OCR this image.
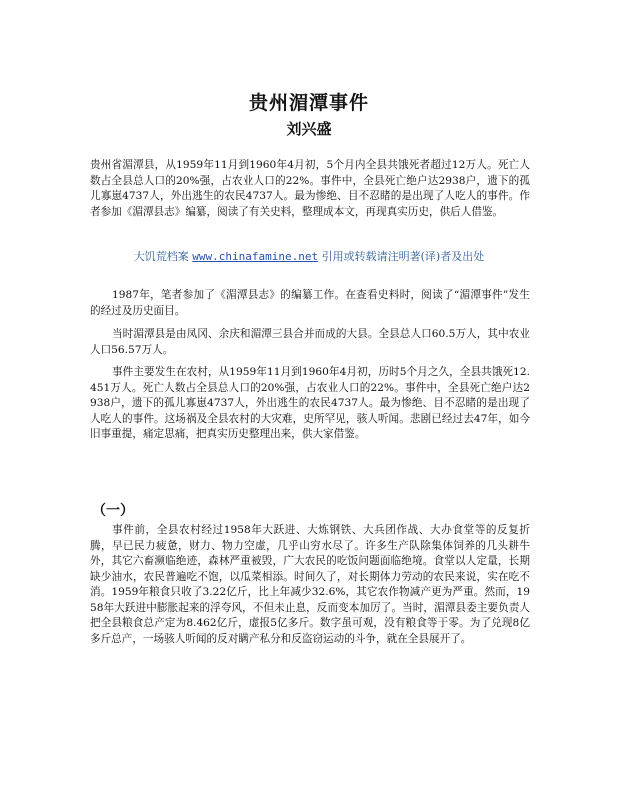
贵州湄潭事件
刘兴盛
贵州省湄潭县，从1959年11月到1960年4月初，5个月内全县共饿死者超过12万人。死亡人数占全县总人口的20%强，占农业人口的22%。事件中，全县死亡绝户达2938户，遗下的孤儿寡崽4737人，外出逃生的农民4737人。最为惨绝、目不忍睹的是出现了人吃人的事件。作者参加《湄潭县志》编纂，阅读了有关史料，整理成本文，再现真实历史，供后人借鉴。
大饥荒档案 www.chinafamine.net 引用或转载请注明著(译)者及出处
1987年，笔者参加了《湄潭县志》的编纂工作。在查看史料时，阅读了“湄潭事件”发生的经过及历史面目。
当时湄潭县是由凤冈、余庆和湄潭三县合并而成的大县。全县总人口60.5万人，其中农业人口56.57万人。
事件主要发生在农村，从1959年11月到1960年4月初，历时5个月之久，全县共饿死12.451万人。死亡人数占全县总人口的20%强，占农业人口的22%。事件中，全县死亡绝户达2938户，遗下的孤儿寡崽4737人，外出逃生的农民4737人。最为惨绝、目不忍睹的是出现了人吃人的事件。这场祸及全县农村的大灾难，史所罕见，骇人听闻。悲剧已经过去47年，如今旧事重提，痛定思痛，把真实历史整理出来，供大家借鉴。
（一）
事件前，全县农村经过1958年大跃进、大炼钢铁、大兵团作战、大办食堂等的反复折腾，早已民力疲惫，财力、物力空虚，几乎山穷水尽了。许多生产队除集体饲养的几头耕牛外，其它六畜濒临绝迹，森林严重被毁，广大农民的吃饭问题面临绝境。食堂以人定量，长期缺少油水，农民普遍吃不饱，以瓜菜相添。时间久了，对长期体力劳动的农民来说，实在吃不消。1959年粮食只收了3.22亿斤，比上年减少32.6%，其它农作物减产更为严重。然而，1958年大跃进中膨胀起来的浮夸风，不但未止息，反而变本加厉了。当时，湄潭县委主要负责人把全县粮食总产定为8.462亿斤，虚报5亿多斤。数字虽可观，没有粮食等于零。为了兑现8亿多斤总产，一场骇人听闻的反对瞒产私分和反盗窃运动的斗争，就在全县展开了。
